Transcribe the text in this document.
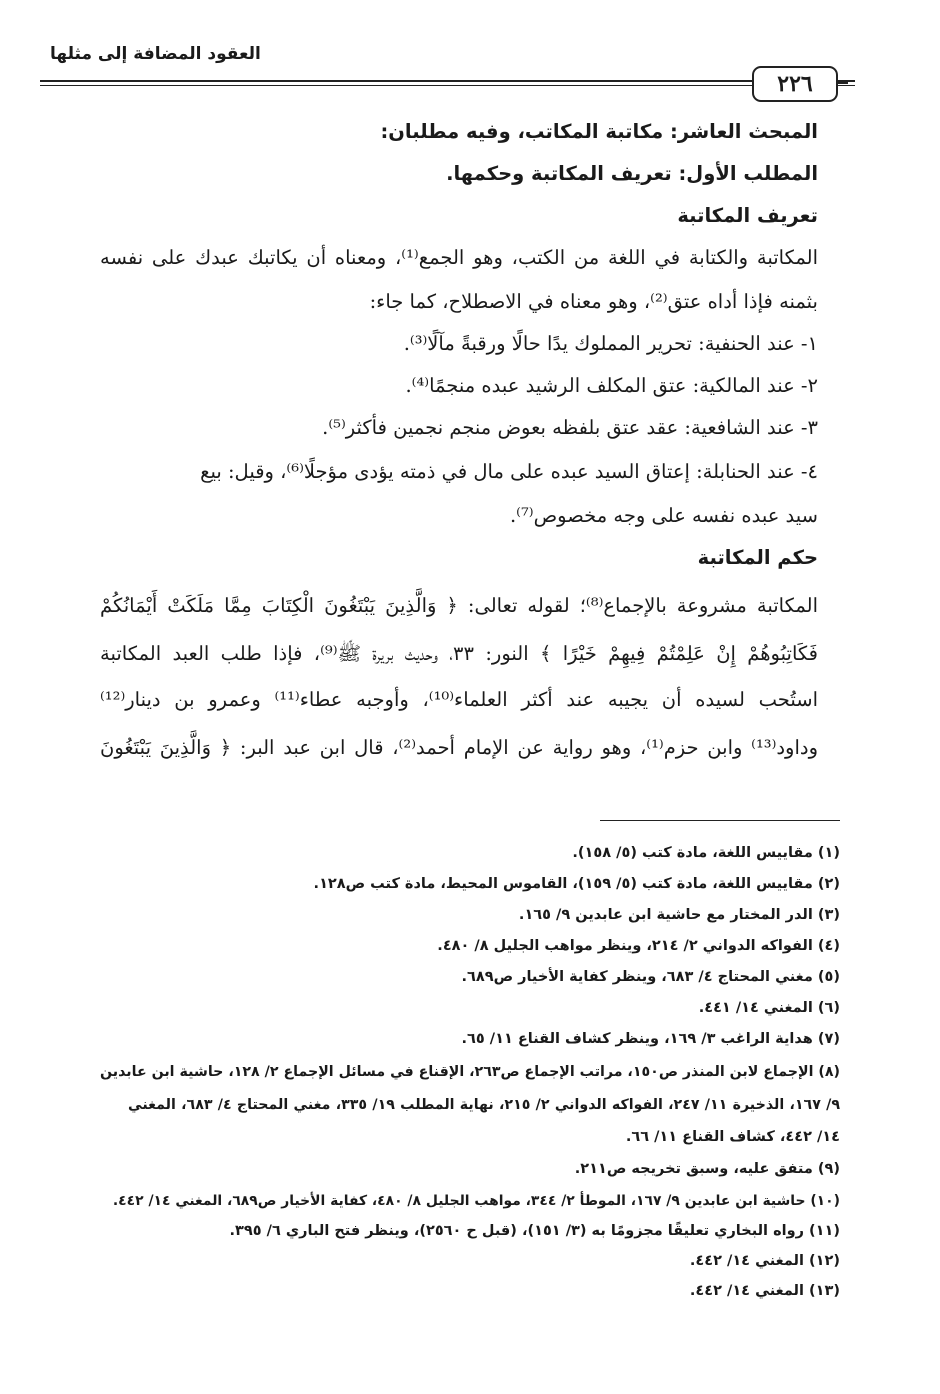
العقود المضافة إلى مثلها
٢٢٦
المبحث العاشر: مكاتبة المكاتب، وفيه مطلبان:
المطلب الأول: تعريف المكاتبة وحكمها.
تعريف المكاتبة
المكاتبة والكتابة في اللغة من الكتب، وهو الجمع⁽¹⁾، ومعناه أن يكاتبك عبدك على نفسه
بثمنه فإذا أداه عتق⁽²⁾، وهو معناه في الاصطلاح، كما جاء:
١- عند الحنفية: تحرير المملوك يدًا حالًا ورقبةً مآلًا⁽³⁾.
٢- عند المالكية: عتق المكلف الرشيد عبده منجمًا⁽⁴⁾.
٣- عند الشافعية: عقد عتق بلفظه بعوض منجم نجمين فأكثر⁽⁵⁾.
٤- عند الحنابلة: إعتاق السيد عبده على مال في ذمته يؤدى مؤجلًا⁽⁶⁾، وقيل: بيع
سيد عبده نفسه على وجه مخصوص⁽⁷⁾.
حكم المكاتبة
المكاتبة مشروعة بالإجماع⁽⁸⁾؛ لقوله تعالى: ﴿ وَالَّذِينَ يَبْتَغُونَ الْكِتَابَ مِمَّا مَلَكَتْ أَيْمَانُكُمْ
فَكَاتِبُوهُمْ إِنْ عَلِمْتُمْ فِيهِمْ خَيْرًا ﴾ النور: ٣٣، وحديث بريرة ﷺ⁽⁹⁾، فإذا طلب العبد المكاتبة
استُحب لسيده أن يجيبه عند أكثر العلماء⁽¹⁰⁾، وأوجبه عطاء⁽¹¹⁾ وعمرو بن دينار⁽¹²⁾
وداود⁽¹³⁾ وابن حزم⁽¹⁾، وهو رواية عن الإمام أحمد⁽²⁾، قال ابن عبد البر: ﴿ وَالَّذِينَ يَبْتَغُونَ
(١) مقاييس اللغة، مادة كتب (٥/ ١٥٨).
(٢) مقاييس اللغة، مادة كتب (٥/ ١٥٩)، القاموس المحيط، مادة كتب ص١٢٨.
(٣) الدر المختار مع حاشية ابن عابدين ٩/ ١٦٥.
(٤) الفواكه الدواني ٢/ ٢١٤، وينظر مواهب الجليل ٨/ ٤٨٠.
(٥) مغني المحتاج ٤/ ٦٨٣، وينظر كفاية الأخيار ص٦٨٩.
(٦) المغني ١٤/ ٤٤١.
(٧) هداية الراغب ٣/ ١٦٩، وينظر كشاف القناع ١١/ ٦٥.
(٨) الإجماع لابن المنذر ص١٥٠، مراتب الإجماع ص٢٦٣، الإقناع في مسائل الإجماع ٢/ ١٢٨، حاشية ابن عابدين
٩/ ١٦٧، الذخيرة ١١/ ٢٤٧، الفواكه الدواني ٢/ ٢١٥، نهاية المطلب ١٩/ ٣٣٥، مغني المحتاج ٤/ ٦٨٣، المغني
١٤/ ٤٤٢، كشاف القناع ١١/ ٦٦.
(٩) متفق عليه، وسبق تخريجه ص٢١١.
(١٠) حاشية ابن عابدين ٩/ ١٦٧، الموطأ ٢/ ٣٤٤، مواهب الجليل ٨/ ٤٨٠، كفاية الأخيار ص٦٨٩، المغني ١٤/ ٤٤٢.
(١١) رواه البخاري تعليقًا مجزومًا به (٣/ ١٥١)، (قبل ح ٢٥٦٠)، وينظر فتح الباري ٦/ ٣٩٥.
(١٢) المغني ١٤/ ٤٤٢.
(١٣) المغني ١٤/ ٤٤٢.
